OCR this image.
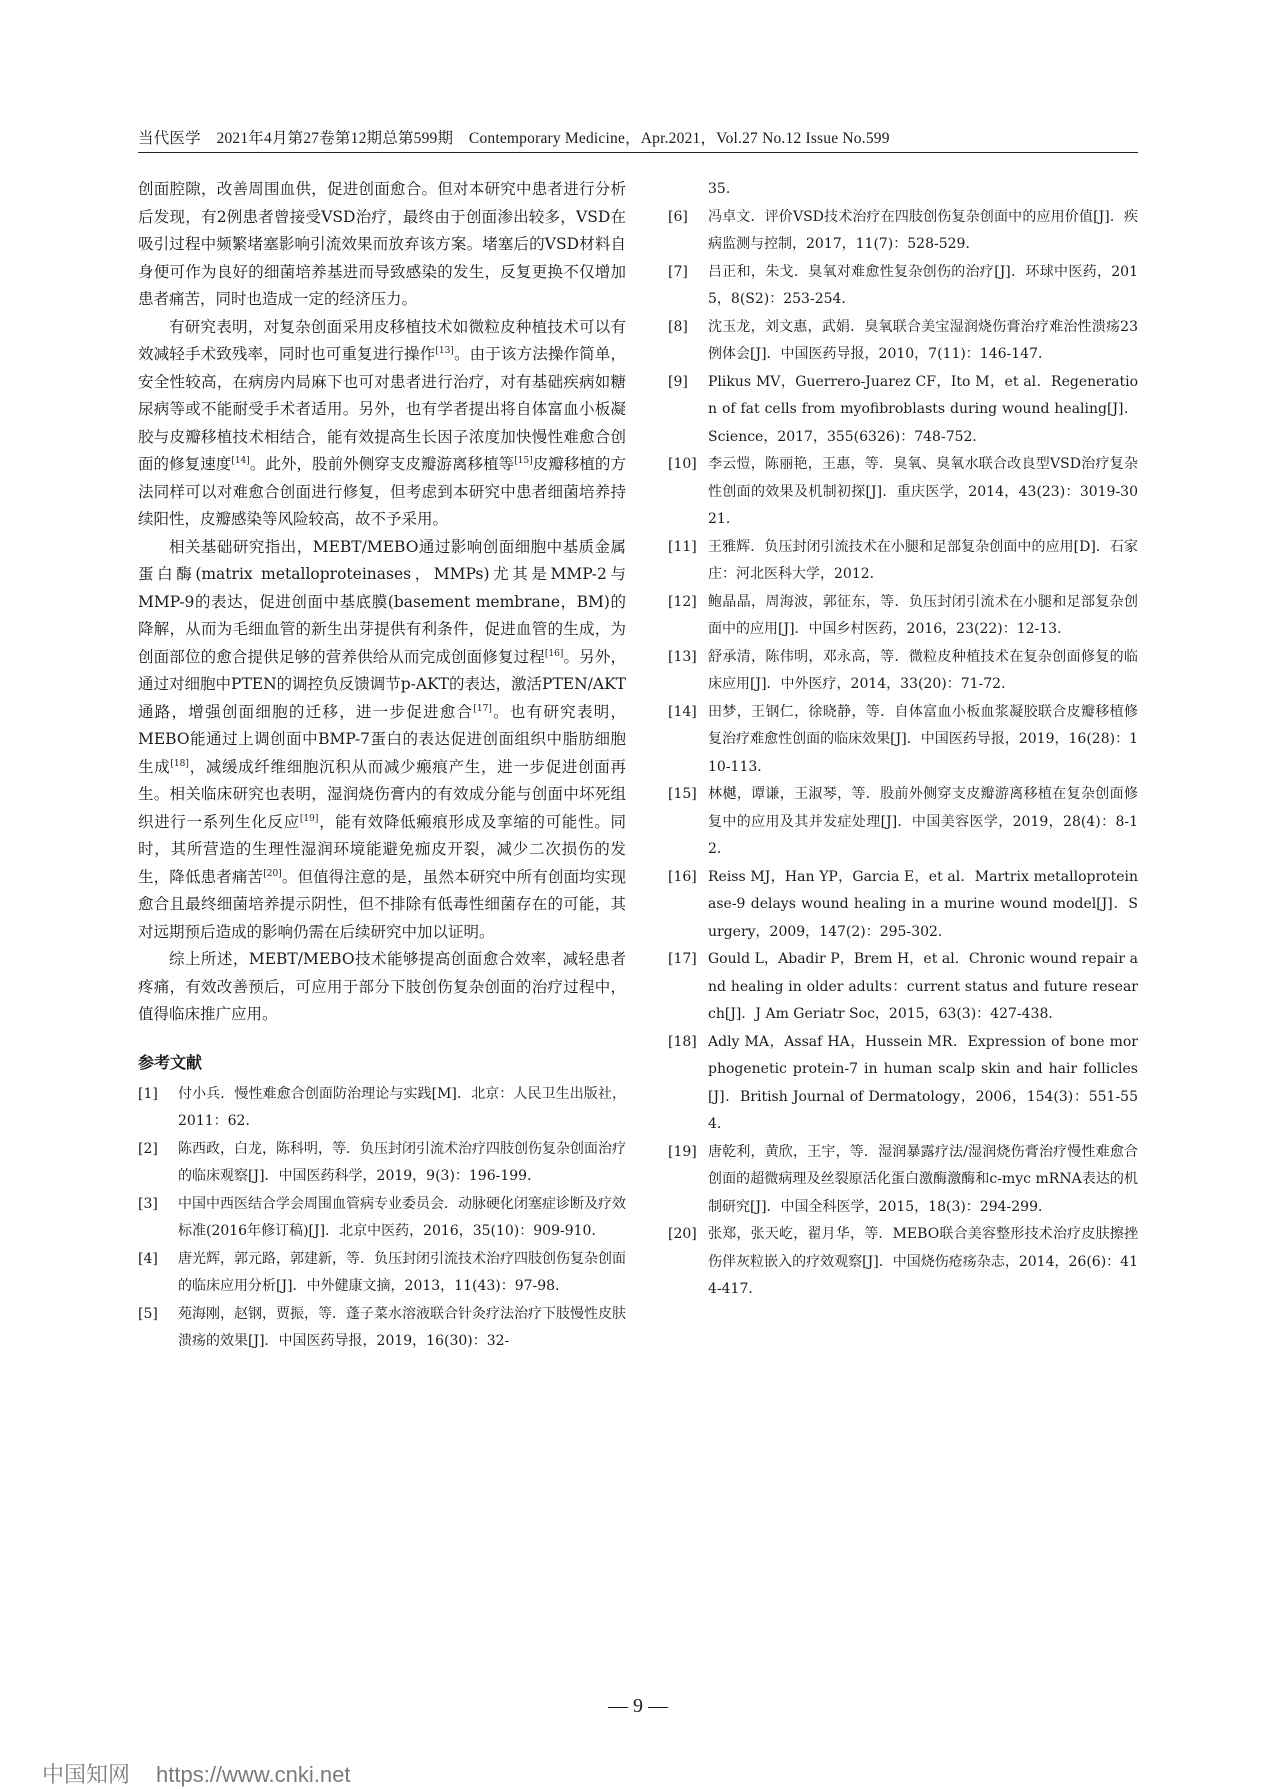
当代医学　2021年4月第27卷第12期总第599期　Contemporary Medicine，Apr.2021，Vol.27 No.12 Issue No.599

创面腔隙，改善周围血供，促进创面愈合。但对本研究中患者进行分析后发现，有2例患者曾接受VSD治疗，最终由于创面渗出较多，VSD在吸引过程中频繁堵塞影响引流效果而放弃该方案。堵塞后的VSD材料自身便可作为良好的细菌培养基进而导致感染的发生，反复更换不仅增加患者痛苦，同时也造成一定的经济压力。

有研究表明，对复杂创面采用皮移植技术如微粒皮种植技术可以有效减轻手术致残率，同时也可重复进行操作[13]。由于该方法操作简单，安全性较高，在病房内局麻下也可对患者进行治疗，对有基础疾病如糖尿病等或不能耐受手术者适用。另外，也有学者提出将自体富血小板凝胶与皮瓣移植技术相结合，能有效提高生长因子浓度加快慢性难愈合创面的修复速度[14]。此外，股前外侧穿支皮瓣游离移植等[15]皮瓣移植的方法同样可以对难愈合创面进行修复，但考虑到本研究中患者细菌培养持续阳性，皮瓣感染等风险较高，故不予采用。

相关基础研究指出，MEBT/MEBO通过影响创面细胞中基质金属蛋白酶(matrix metalloproteinases，MMPs)尤其是MMP-2与MMP-9的表达，促进创面中基底膜(basement membrane，BM)的降解，从而为毛细血管的新生出芽提供有利条件，促进血管的生成，为创面部位的愈合提供足够的营养供给从而完成创面修复过程[16]。另外，通过对细胞中PTEN的调控负反馈调节p-AKT的表达，激活PTEN/AKT通路，增强创面细胞的迁移，进一步促进愈合[17]。也有研究表明，MEBO能通过上调创面中BMP-7蛋白的表达促进创面组织中脂肪细胞生成[18]，减缓成纤维细胞沉积从而减少瘢痕产生，进一步促进创面再生。相关临床研究也表明，湿润烧伤膏内的有效成分能与创面中坏死组织进行一系列生化反应[19]，能有效降低瘢痕形成及挛缩的可能性。同时，其所营造的生理性湿润环境能避免痂皮开裂，减少二次损伤的发生，降低患者痛苦[20]。但值得注意的是，虽然本研究中所有创面均实现愈合且最终细菌培养提示阴性，但不排除有低毒性细菌存在的可能，其对远期预后造成的影响仍需在后续研究中加以证明。

综上所述，MEBT/MEBO技术能够提高创面愈合效率，减轻患者疼痛，有效改善预后，可应用于部分下肢创伤复杂创面的治疗过程中，值得临床推广应用。

参考文献
[1]	付小兵．慢性难愈合创面防治理论与实践[M]．北京：人民卫生出版社，2011：62．
[2]	陈西政，白龙，陈科明，等．负压封闭引流术治疗四肢创伤复杂创面治疗的临床观察[J]．中国医药科学，2019，9(3)：196-199．
[3]	中国中西医结合学会周围血管病专业委员会．动脉硬化闭塞症诊断及疗效标准(2016年修订稿)[J]．北京中医药，2016，35(10)：909-910．
[4]	唐光辉，郭元路，郭建新，等．负压封闭引流技术治疗四肢创伤复杂创面的临床应用分析[J]．中外健康文摘，2013，11(43)：97-98．
[5]	苑海刚，赵钢，贾振，等．蓬子菜水溶液联合针灸疗法治疗下肢慢性皮肤溃疡的效果[J]．中国医药导报，2019，16(30)：32-
35．
[6]	冯卓文．评价VSD技术治疗在四肢创伤复杂创面中的应用价值[J]．疾病监测与控制，2017，11(7)：528-529．
[7]	吕正和，朱戈．臭氧对难愈性复杂创伤的治疗[J]．环球中医药，2015，8(S2)：253-254．
[8]	沈玉龙，刘文惠，武娟．臭氧联合美宝湿润烧伤膏治疗难治性溃疡23例体会[J]．中国医药导报，2010，7(11)：146-147．
[9]	Plikus MV，Guerrero-Juarez CF，Ito M，et al．Regeneration of fat cells from myofibroblasts during wound healing[J]．Science，2017，355(6326)：748-752．
[10] 李云愷，陈丽艳，王惠，等．臭氧、臭氧水联合改良型VSD治疗复杂性创面的效果及机制初探[J]．重庆医学，2014，43(23)：3019-3021．
[11] 王雅辉．负压封闭引流技术在小腿和足部复杂创面中的应用[D]．石家庄：河北医科大学，2012．
[12] 鲍晶晶，周海波，郭征东，等．负压封闭引流术在小腿和足部复杂创面中的应用[J]．中国乡村医药，2016，23(22)：12-13．
[13] 舒承清，陈伟明，邓永高，等．微粒皮种植技术在复杂创面修复的临床应用[J]．中外医疗，2014，33(20)：71-72．
[14] 田梦，王钢仁，徐晓静，等．自体富血小板血浆凝胶联合皮瓣移植修复治疗难愈性创面的临床效果[J]．中国医药导报，2019，16(28)：110-113．
[15] 林樾，谭谦，王淑琴，等．股前外侧穿支皮瓣游离移植在复杂创面修复中的应用及其并发症处理[J]．中国美容医学，2019，28(4)：8-12．
[16] Reiss MJ，Han YP，Garcia E，et al．Martrix metalloproteinase-9 delays wound healing in a murine wound model[J]．Surgery，2009，147(2)：295-302．
[17] Gould L，Abadir P，Brem H，et al．Chronic wound repair and healing in older adults：current status and future research[J]．J Am Geriatr Soc，2015，63(3)：427-438．
[18] Adly MA，Assaf HA，Hussein MR．Expression of bone morphogenetic protein-7 in human scalp skin and hair follicles[J]．British Journal of Dermatology，2006，154(3)：551-554．
[19] 唐乾利，黄欣，王宇，等．湿润暴露疗法/湿润烧伤膏治疗慢性难愈合创面的超微病理及丝裂原活化蛋白激酶激酶和c-myc mRNA表达的机制研究[J]．中国全科医学，2015，18(3)：294-299．
[20] 张郑，张天屹，翟月华，等．MEBO联合美容整形技术治疗皮肤擦挫伤伴灰粒嵌入的疗效观察[J]．中国烧伤疮疡杂志，2014，26(6)：414-417．
— 9 —
中国知网 https://www.cnki.net
